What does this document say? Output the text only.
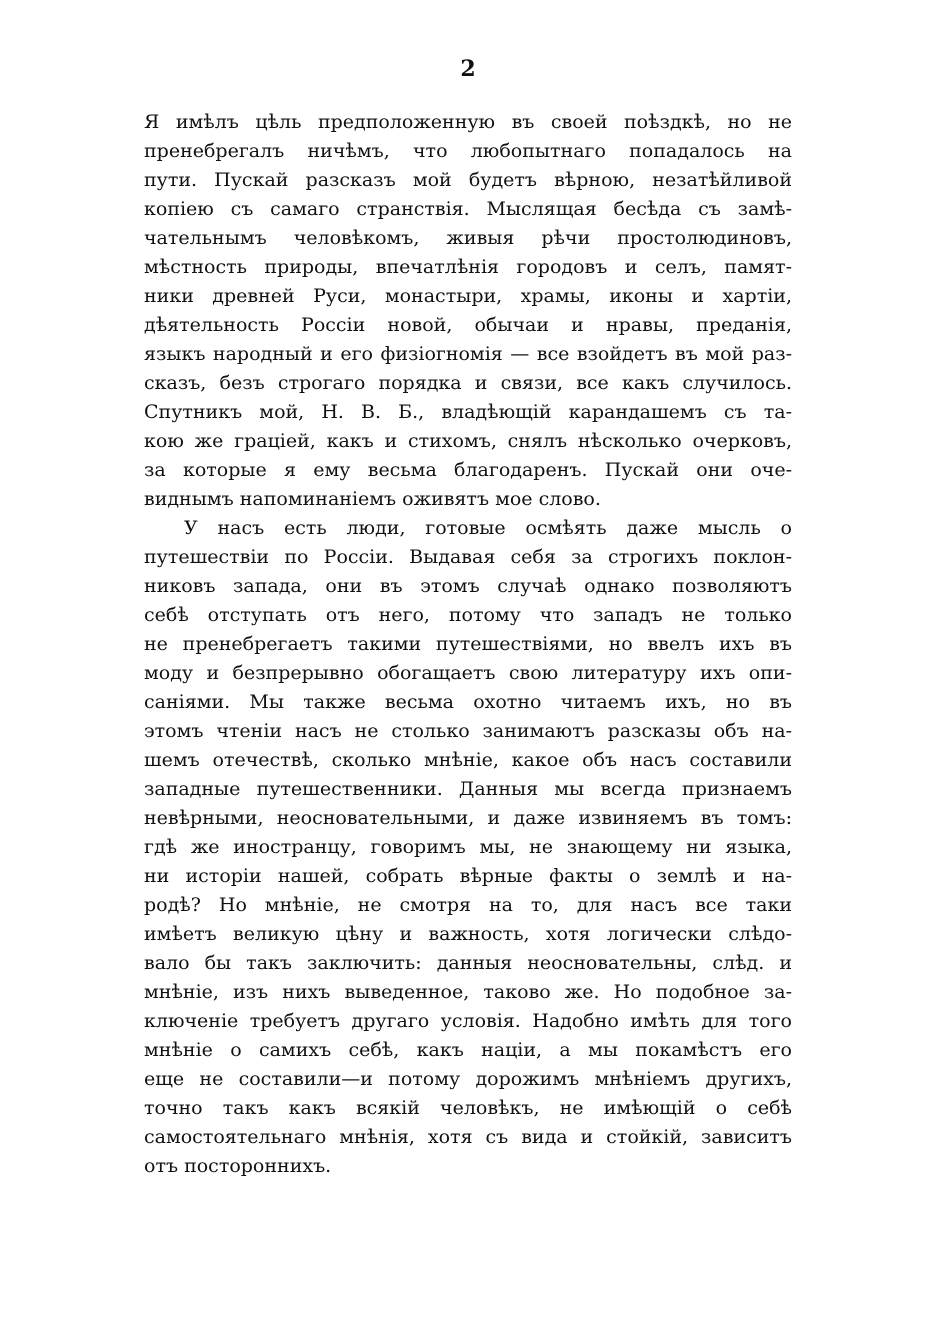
2
Я имѣлъ цѣль предположенную въ своей поѣздкѣ, но не
пренебрегалъ ничѣмъ, что любопытнаго попадалось на
пути. Пускай разсказъ мой будетъ вѣрною, незатѣйливой
копіею съ самаго странствія. Мыслящая бесѣда съ замѣ-
чательнымъ человѣкомъ, живыя рѣчи простолюдиновъ,
мѣстность природы, впечатлѣнія городовъ и селъ, памят-
ники древней Руси, монастыри, храмы, иконы и хартіи,
дѣятельность Россіи новой, обычаи и нравы, преданія,
языкъ народный и его физіогномія — все взойдетъ въ мой раз-
сказъ, безъ строгаго порядка и связи, все какъ случилось.
Спутникъ мой, Н. В. Б., владѣющій карандашемъ съ та-
кою же граціей, какъ и стихомъ, снялъ нѣсколько очерковъ,
за которые я ему весьма благодаренъ. Пускай они оче-
виднымъ напоминаніемъ оживятъ мое слово.
У насъ есть люди, готовые осмѣять даже мысль о
путешествіи по Россіи. Выдавая себя за строгихъ поклон-
никовъ запада, они въ этомъ случаѣ однако позволяютъ
себѣ отступать отъ него, потому что западъ не только
не пренебрегаетъ такими путешествіями, но ввелъ ихъ въ
моду и безпрерывно обогащаетъ свою литературу ихъ опи-
саніями. Мы также весьма охотно читаемъ ихъ, но въ
этомъ чтеніи насъ не столько занимаютъ разсказы объ на-
шемъ отечествѣ, сколько мнѣніе, какое объ насъ составили
западные путешественники. Данныя мы всегда признаемъ
невѣрными, неосновательными, и даже извиняемъ въ томъ:
гдѣ же иностранцу, говоримъ мы, не знающему ни языка,
ни исторіи нашей, собрать вѣрные факты о землѣ и на-
родѣ? Но мнѣніе, не смотря на то, для насъ все таки
имѣетъ великую цѣну и важность, хотя логически слѣдо-
вало бы такъ заключить: данныя неосновательны, слѣд. и
мнѣніе, изъ нихъ выведенное, таково же. Но подобное за-
ключеніе требуетъ другаго условія. Надобно имѣть для того
мнѣніе о самихъ себѣ, какъ націи, а мы покамѣстъ его
еще не составили—и потому дорожимъ мнѣніемъ другихъ,
точно такъ какъ всякій человѣкъ, не имѣющій о себѣ
самостоятельнаго мнѣнія, хотя съ вида и стойкій, зависитъ
отъ постороннихъ.
